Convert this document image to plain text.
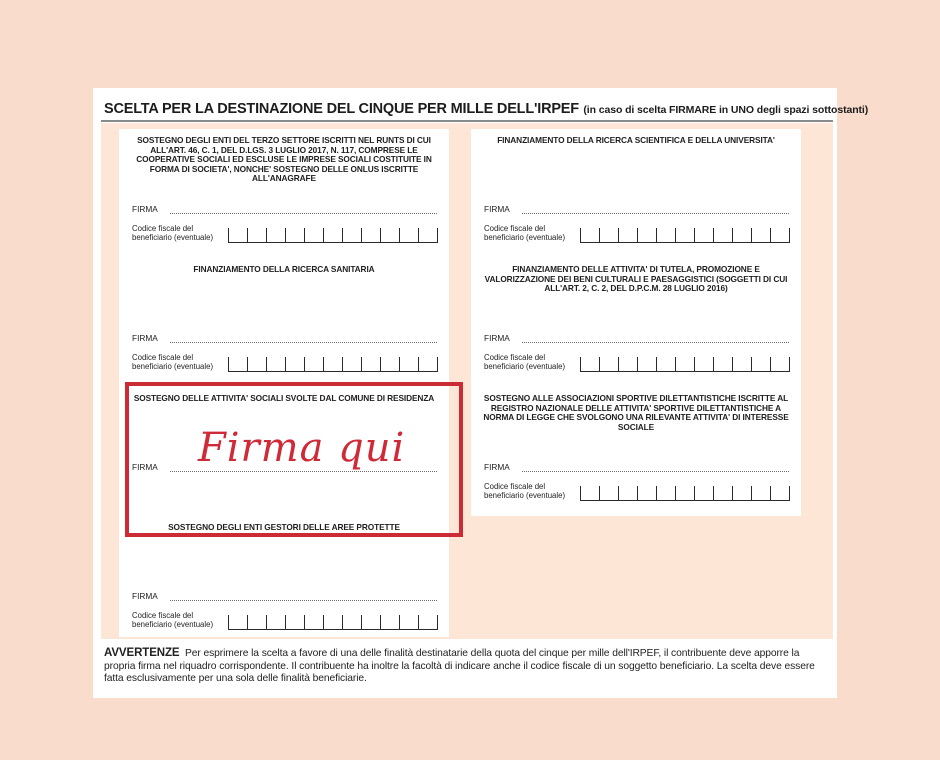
SCELTA PER LA DESTINAZIONE DEL CINQUE PER MILLE DELL'IRPEF (in caso di scelta FIRMARE in UNO degli spazi sottostanti)
SOSTEGNO DEGLI ENTI DEL TERZO SETTORE ISCRITTI NEL RUNTS DI CUI ALL'ART. 46, C. 1, DEL D.LGS. 3 LUGLIO 2017, N. 117, COMPRESE LE COOPERATIVE SOCIALI ED ESCLUSE LE IMPRESE SOCIALI COSTITUITE IN FORMA DI SOCIETA', NONCHE' SOSTEGNO DELLE ONLUS ISCRITTE ALL'ANAGRAFE
FIRMA
Codice fiscale del
beneficiario (eventuale)
FINANZIAMENTO DELLA RICERCA SCIENTIFICA E DELLA UNIVERSITA'
FIRMA
Codice fiscale del
beneficiario (eventuale)
FINANZIAMENTO DELLA RICERCA SANITARIA
FIRMA
Codice fiscale del
beneficiario (eventuale)
FINANZIAMENTO DELLE ATTIVITA' DI TUTELA, PROMOZIONE E VALORIZZAZIONE DEI BENI CULTURALI E PAESAGGISTICI (SOGGETTI DI CUI ALL'ART. 2, C. 2, DEL D.P.C.M. 28 LUGLIO 2016)
FIRMA
Codice fiscale del
beneficiario (eventuale)
SOSTEGNO DELLE ATTIVITA' SOCIALI SVOLTE DAL COMUNE DI RESIDENZA
FIRMA
SOSTEGNO ALLE ASSOCIAZIONI SPORTIVE DILETTANTISTICHE ISCRITTE AL REGISTRO NAZIONALE DELLE ATTIVITA' SPORTIVE DILETTANTISTICHE A NORMA DI LEGGE CHE SVOLGONO UNA RILEVANTE ATTIVITA' DI INTERESSE SOCIALE
FIRMA
Codice fiscale del
beneficiario (eventuale)
SOSTEGNO DEGLI ENTI GESTORI DELLE AREE PROTETTE
FIRMA
Codice fiscale del
beneficiario (eventuale)
AVVERTENZE Per esprimere la scelta a favore di una delle finalità destinatarie della quota del cinque per mille dell'IRPEF, il contribuente deve apporre la propria firma nel riquadro corrispondente. Il contribuente ha inoltre la facoltà di indicare anche il codice fiscale di un soggetto beneficiario. La scelta deve essere fatta esclusivamente per una sola delle finalità beneficiarie.
Firma qui
